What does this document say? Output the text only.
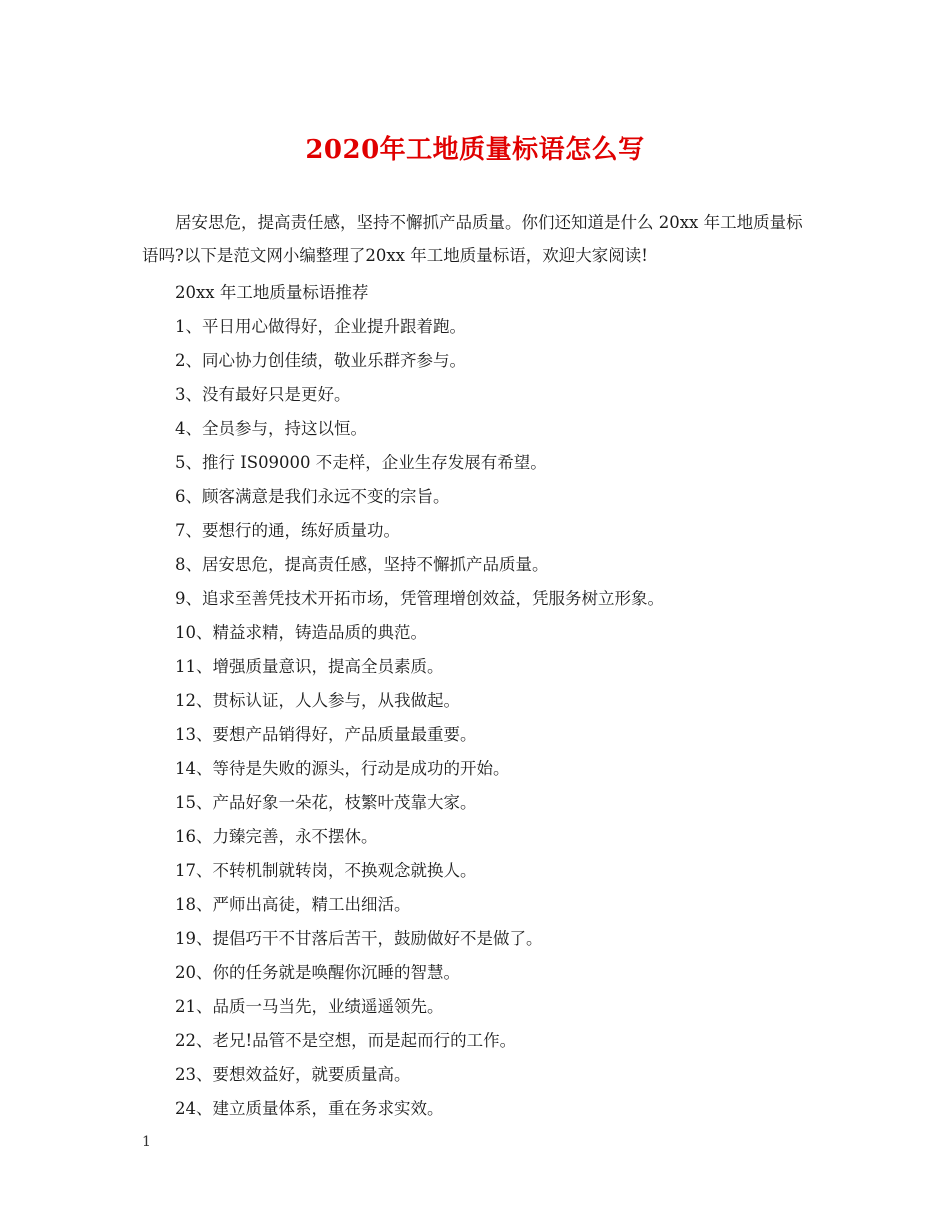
2020年工地质量标语怎么写
居安思危，提高责任感，坚持不懈抓产品质量。你们还知道是什么 20xx 年工地质量标语吗?以下是范文网小编整理了20xx 年工地质量标语，欢迎大家阅读!
20xx 年工地质量标语推荐
1、平日用心做得好，企业提升跟着跑。
2、同心协力创佳绩，敬业乐群齐参与。
3、没有最好只是更好。
4、全员参与，持这以恒。
5、推行 IS09000 不走样，企业生存发展有希望。
6、顾客满意是我们永远不变的宗旨。
7、要想行的通，练好质量功。
8、居安思危，提高责任感，坚持不懈抓产品质量。
9、追求至善凭技术开拓市场，凭管理增创效益，凭服务树立形象。
10、精益求精，铸造品质的典范。
11、增强质量意识，提高全员素质。
12、贯标认证，人人参与，从我做起。
13、要想产品销得好，产品质量最重要。
14、等待是失败的源头，行动是成功的开始。
15、产品好象一朵花，枝繁叶茂靠大家。
16、力臻完善，永不摆休。
17、不转机制就转岗，不换观念就换人。
18、严师出高徒，精工出细活。
19、提倡巧干不甘落后苦干，鼓励做好不是做了。
20、你的任务就是唤醒你沉睡的智慧。
21、品质一马当先，业绩遥遥领先。
22、老兄!品管不是空想，而是起而行的工作。
23、要想效益好，就要质量高。
24、建立质量体系，重在务求实效。
1
